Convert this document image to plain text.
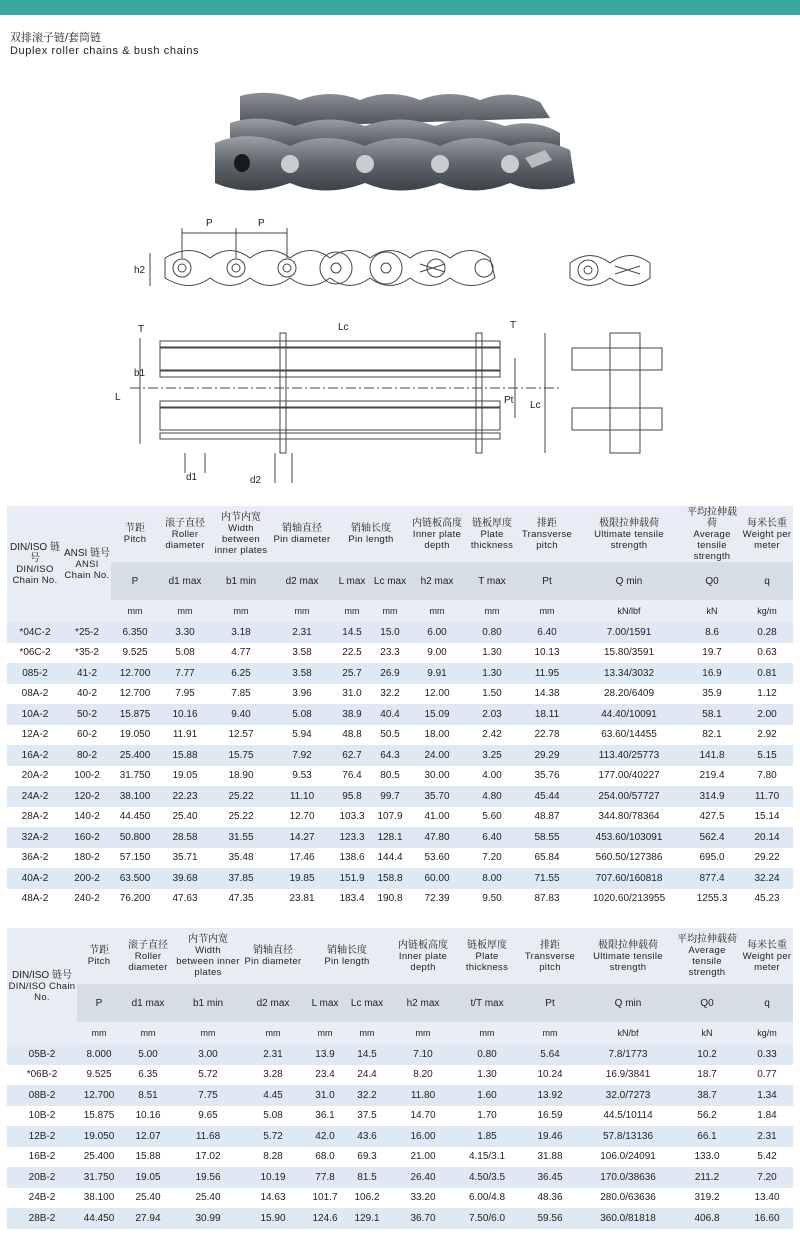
双排滚子链/套筒链
Duplex roller chains & bush chains
P	P
h2
T	T
b1
L
Lc
Lc
Pt
d1	d2
DIN/ISO 链号
DIN/ISO Chain No.	ANSI 链号
ANSI Chain No.	节距
Pitch	滚子直径
Roller diameter	内节内宽
Width between inner plates	销轴直径
Pin diameter	销轴长度
Pin length		内链板高度
Inner plate depth	链板厚度
Plate thickness	排距
Transverse pitch	极限拉伸载荷
Ultimate tensile strength	平均拉伸载荷
Average tensile strength	每米长重
Weight per meter

		P	d1 max	b1 min	d2 max	L max	Lc max	h2 max	T max	Pt	Q min	Q0	q
		mm	mm	mm	mm	mm	mm	mm	mm	mm	kN/lbf	kN	kg/m
*04C-2	*25-2	6.350	3.30	3.18	2.31	14.5	15.0	6.00	0.80	6.40	7.00/1591	8.6	0.28
*06C-2	*35-2	9.525	5.08	4.77	3.58	22.5	23.3	9.00	1.30	10.13	15.80/3591	19.7	0.63
085-2	41-2	12.700	7.77	6.25	3.58	25.7	26.9	9.91	1.30	11.95	13.34/3032	16.9	0.81
08A-2	40-2	12.700	7.95	7.85	3.96	31.0	32.2	12.00	1.50	14.38	28.20/6409	35.9	1.12
10A-2	50-2	15.875	10.16	9.40	5.08	38.9	40.4	15.09	2.03	18.11	44.40/10091	58.1	2.00
12A-2	60-2	19.050	11.91	12.57	5.94	48.8	50.5	18.00	2.42	22.78	63.60/14455	82.1	2.92
16A-2	80-2	25.400	15.88	15.75	7.92	62.7	64.3	24.00	3.25	29.29	113.40/25773	141.8	5.15
20A-2	100-2	31.750	19.05	18.90	9.53	76.4	80.5	30.00	4.00	35.76	177.00/40227	219.4	7.80
24A-2	120-2	38.100	22.23	25.22	11.10	95.8	99.7	35.70	4.80	45.44	254.00/57727	314.9	11.70
28A-2	140-2	44.450	25.40	25.22	12.70	103.3	107.9	41.00	5.60	48.87	344.80/78364	427.5	15.14
32A-2	160-2	50.800	28.58	31.55	14.27	123.3	128.1	47.80	6.40	58.55	453.60/103091	562.4	20.14
36A-2	180-2	57.150	35.71	35.48	17.46	138.6	144.4	53.60	7.20	65.84	560.50/127386	695.0	29.22
40A-2	200-2	63.500	39.68	37.85	19.85	151.9	158.8	60.00	8.00	71.55	707.60/160818	877.4	32.24
48A-2	240-2	76.200	47.63	47.35	23.81	183.4	190.8	72.39	9.50	87.83	1020.60/213955	1255.3	45.23
DIN/ISO 链号
DIN/ISO Chain No.	节距
Pitch	滚子直径
Roller diameter	内节内宽
Width between inner plates	销轴直径
Pin diameter	销轴长度
Pin length		内链板高度
Inner plate depth	链板厚度
Plate thickness	排距
Transverse pitch	极限拉伸载荷
Ultimate tensile strength	平均拉伸载荷
Average tensile strength	每米长重
Weight per meter

	P	d1 max	b1 min	d2 max	L max	Lc max	h2 max	t/T max	Pt	Q min	Q0	q
	mm	mm	mm	mm	mm	mm	mm	mm	mm	kN/bf	kN	kg/m
05B-2	8.000	5.00	3.00	2.31	13.9	14.5	7.10	0.80	5.64	7.8/1773	10.2	0.33
*06B-2	9.525	6.35	5.72	3.28	23.4	24.4	8.20	1.30	10.24	16.9/3841	18.7	0.77
08B-2	12.700	8.51	7.75	4.45	31.0	32.2	11.80	1.60	13.92	32.0/7273	38.7	1.34
10B-2	15.875	10.16	9.65	5.08	36.1	37.5	14.70	1.70	16.59	44.5/10114	56.2	1.84
12B-2	19.050	12.07	11.68	5.72	42.0	43.6	16.00	1.85	19.46	57.8/13136	66.1	2.31
16B-2	25.400	15.88	17.02	8.28	68.0	69.3	21.00	4.15/3.1	31.88	106.0/24091	133.0	5.42
20B-2	31.750	19.05	19.56	10.19	77.8	81.5	26.40	4.50/3.5	36.45	170.0/38636	211.2	7.20
24B-2	38.100	25.40	25.40	14.63	101.7	106.2	33.20	6.00/4.8	48.36	280.0/63636	319.2	13.40
28B-2	44.450	27.94	30.99	15.90	124.6	129.1	36.70	7.50/6.0	59.56	360.0/81818	406.8	16.60
